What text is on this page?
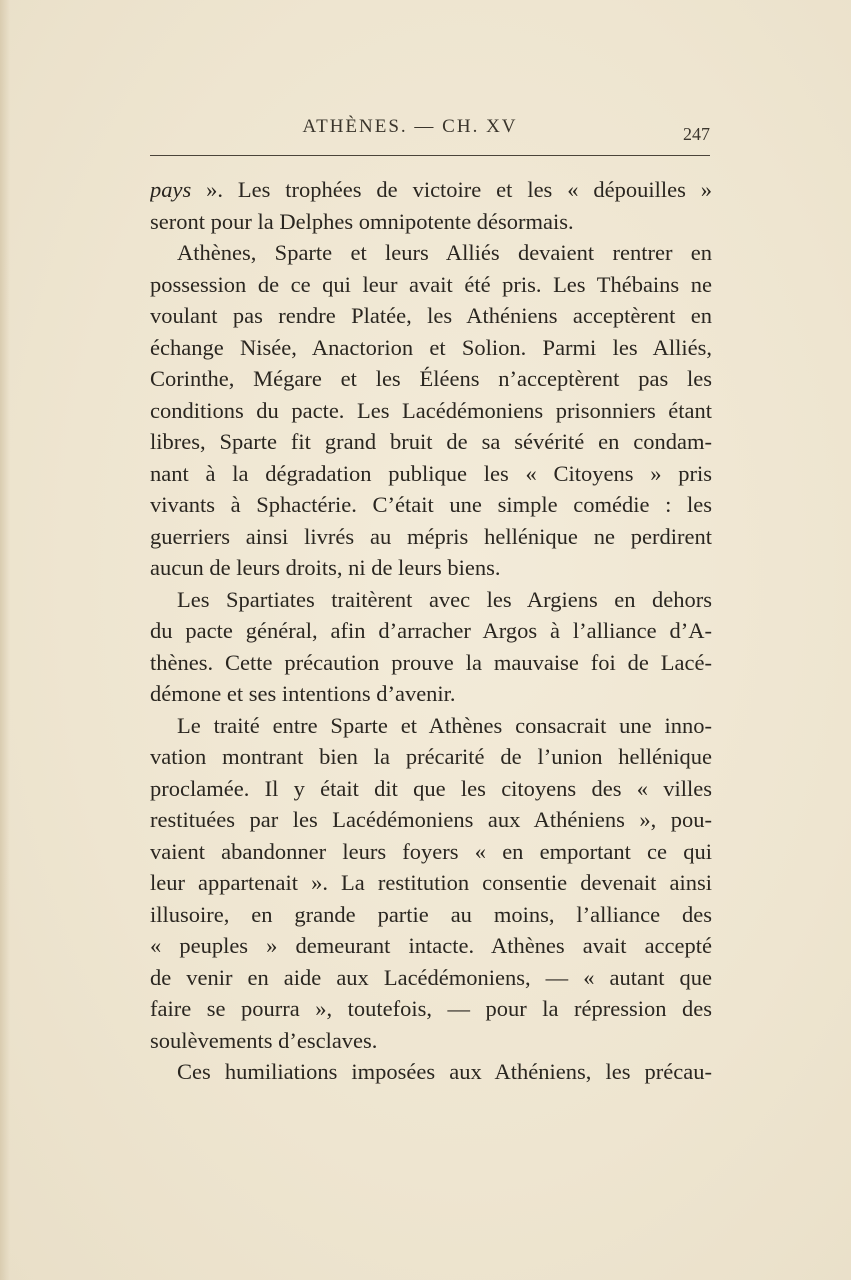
ATHÈNES. — CH. XV	247
pays ». Les trophées de victoire et les « dépouilles »
seront pour la Delphes omnipotente désormais.
Athènes, Sparte et leurs Alliés devaient rentrer en
possession de ce qui leur avait été pris. Les Thébains ne
voulant pas rendre Platée, les Athéniens acceptèrent en
échange Nisée, Anactorion et Solion. Parmi les Alliés,
Corinthe, Mégare et les Éléens n’acceptèrent pas les
conditions du pacte. Les Lacédémoniens prisonniers étant
libres, Sparte fit grand bruit de sa sévérité en condam-
nant à la dégradation publique les « Citoyens » pris
vivants à Sphactérie. C’était une simple comédie : les
guerriers ainsi livrés au mépris hellénique ne perdirent
aucun de leurs droits, ni de leurs biens.
Les Spartiates traitèrent avec les Argiens en dehors
du pacte général, afin d’arracher Argos à l’alliance d’A-
thènes. Cette précaution prouve la mauvaise foi de Lacé-
démone et ses intentions d’avenir.
Le traité entre Sparte et Athènes consacrait une inno-
vation montrant bien la précarité de l’union hellénique
proclamée. Il y était dit que les citoyens des « villes
restituées par les Lacédémoniens aux Athéniens », pou-
vaient abandonner leurs foyers « en emportant ce qui
leur appartenait ». La restitution consentie devenait ainsi
illusoire, en grande partie au moins, l’alliance des
« peuples » demeurant intacte. Athènes avait accepté
de venir en aide aux Lacédémoniens, — « autant que
faire se pourra », toutefois, — pour la répression des
soulèvements d’esclaves.
Ces humiliations imposées aux Athéniens, les précau-
